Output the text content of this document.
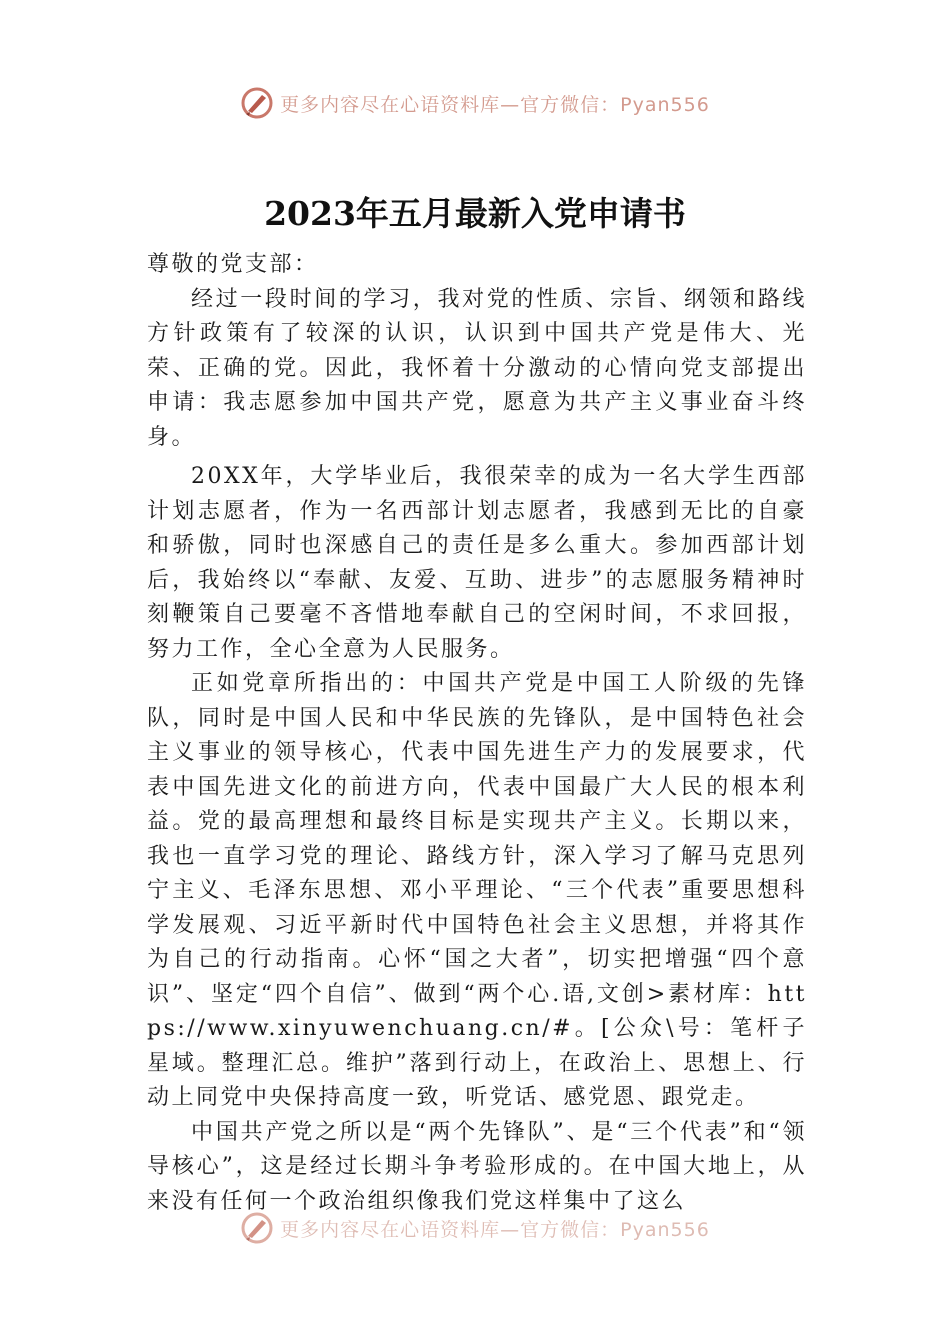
更多内容尽在心语资料库—官方微信：Pyan556
2023年五月最新入党申请书

尊敬的党支部：

经过一段时间的学习，我对党的性质、宗旨、纲领和路线方针政策有了较深的认识，认识到中国共产党是伟大、光荣、正确的党。因此，我怀着十分激动的心情向党支部提出申请：我志愿参加中国共产党，愿意为共产主义事业奋斗终身。

20XX年，大学毕业后，我很荣幸的成为一名大学生西部计划志愿者，作为一名西部计划志愿者，我感到无比的自豪和骄傲，同时也深感自己的责任是多么重大。参加西部计划后，我始终以“奉献、友爱、互助、进步”的志愿服务精神时刻鞭策自己要毫不吝惜地奉献自己的空闲时间，不求回报，努力工作，全心全意为人民服务。

正如党章所指出的：中国共产党是中国工人阶级的先锋队，同时是中国人民和中华民族的先锋队，是中国特色社会主义事业的领导核心，代表中国先进生产力的发展要求，代表中国先进文化的前进方向，代表中国最广大人民的根本利益。党的最高理想和最终目标是实现共产主义。长期以来，我也一直学习党的理论、路线方针，深入学习了解马克思列宁主义、毛泽东思想、邓小平理论、“三个代表”重要思想科学发展观、习近平新时代中国特色社会主义思想，并将其作为自己的行动指南。心怀“国之大者”，切实把增强“四个意识”、坚定“四个自信”、做到“两个心.语,文创>素材库：https://www.xinyuwenchuang.cn/#。[公众\号：笔杆子星域。整理汇总。维护”落到行动上，在政治上、思想上、行动上同党中央保持高度一致，听党话、感党恩、跟党走。

中国共产党之所以是“两个先锋队”、是“三个代表”和“领导核心”，这是经过长期斗争考验形成的。在中国大地上，从来没有任何一个政治组织像我们党这样集中了这么

更多内容尽在心语资料库—官方微信：Pyan556
